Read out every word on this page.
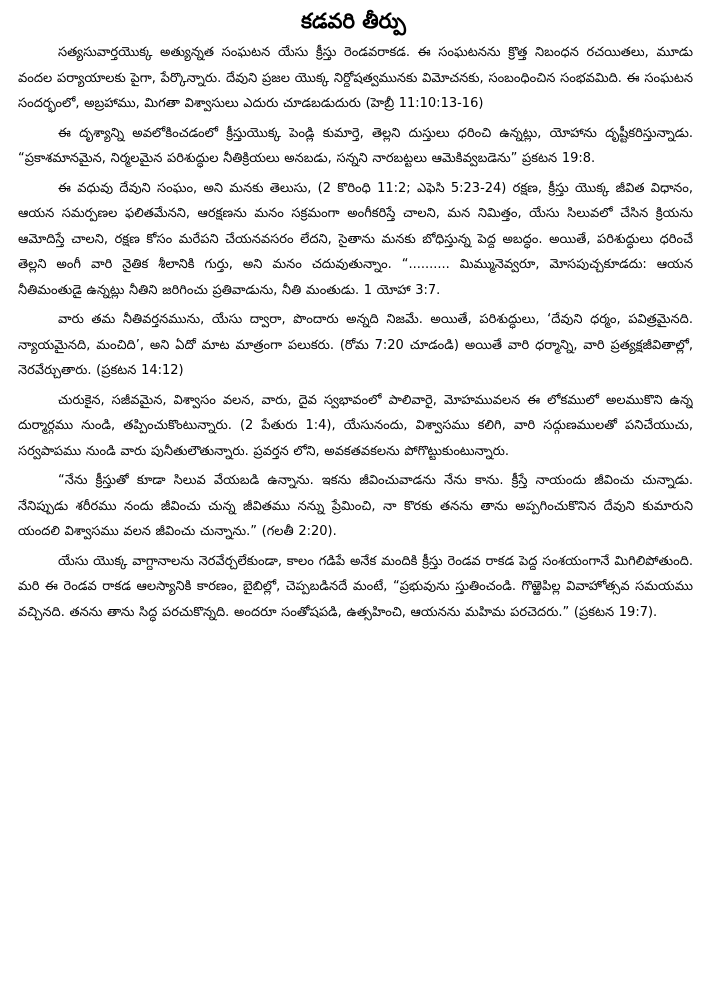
కడవరి తీర్పు

సత్యసువార్తయొక్క అత్యున్నత సంఘటన యేసు క్రీస్తు రెండవరాకడ. ఈ సంఘటనను క్రొత్త నిబంధన రచయితలు, మూడు వందల పర్యాయాలకు పైగా, పేర్కొన్నారు. దేవుని ప్రజల యొక్క నిర్దోషత్వమునకు విమోచనకు, సంబంధించిన సంభవమిది. ఈ సంఘటన సందర్భంలో, అబ్రహాము, మిగతా విశ్వాసులు ఎదురు చూడబడుదురు (హెబ్రీ 11:10:13-16)

ఈ దృశ్యాన్ని అవలోకించడంలో క్రీస్తుయొక్క పెండ్లి కుమార్తె, తెల్లని దుస్తులు ధరించి ఉన్నట్లు, యోహాను దృష్టీకరిస్తున్నాడు. “ప్రకాశమానమైన, నిర్మలమైన పరిశుద్ధుల నీతిక్రియలు అనబడు, సన్నని నారబట్టలు ఆమెకివ్వబడెను” ప్రకటన 19:8.

ఈ వధువు దేవుని సంఘం, అని మనకు తెలుసు, (2 కొరింధి 11:2; ఎఫెసి 5:23-24) రక్షణ, క్రీస్తు యొక్క జీవిత విధానం, ఆయన సమర్పణల ఫలితమేనని, ఆరక్షణను మనం సక్రమంగా అంగీకరిస్తే చాలని, మన నిమిత్తం, యేసు సిలువలో చేసిన క్రియను ఆమోదిస్తే చాలని, రక్షణ కోసం మరేపని చేయనవసరం లేదని, సైతాను మనకు బోధిస్తున్న పెద్ద అబద్ధం. అయితే, పరిశుద్ధులు ధరించే తెల్లని అంగీ వారి నైతిక శీలానికి గుర్తు, అని మనం చదువుతున్నాం. “.......... మిమ్మునెవ్వరూ, మోసపుచ్చకూడదు: ఆయన నీతిమంతుడై ఉన్నట్లు నీతిని జరిగించు ప్రతివాడును, నీతి మంతుడు. 1 యోహా 3:7.

వారు తమ నీతివర్తనమును, యేసు ద్వారా, పొందారు అన్నది నిజమే. అయితే, పరిశుద్ధులు, ‘దేవుని ధర్మం, పవిత్రమైనది. న్యాయమైనది, మంచిది’, అని ఏదో మాట మాత్రంగా పలుకరు. (రోమ 7:20 చూడండి) అయితే వారి ధర్మాన్ని, వారి ప్రత్యక్షజీవితాల్లో, నెరవేర్చుతారు. (ప్రకటన 14:12)

చురుకైన, సజీవమైన, విశ్వాసం వలన, వారు, దైవ స్వభావంలో పాలివారై, మోహమువలన ఈ లోకములో అలముకొని ఉన్న దుర్మార్గము నుండి, తప్పించుకొంటున్నారు. (2 పేతురు 1:4), యేసునందు, విశ్వాసము కలిగి, వారి సద్గుణములతో పనిచేయుచు, సర్వపాపము నుండి వారు పునీతులౌతున్నారు. ప్రవర్తన లోని, అవకతవకలను పోగొట్టుకుంటున్నారు.

“నేను క్రీస్తుతో కూడా సిలువ వేయబడి ఉన్నాను. ఇకను జీవించువాడను నేను కాను. క్రీస్తే నాయందు జీవించు చున్నాడు. నేనిప్పుడు శరీరము నందు జీవించు చున్న జీవితము నన్ను ప్రేమించి, నా కొరకు తనను తాను అప్పగించుకొనిన దేవుని కుమారుని యందలి విశ్వాసము వలన జీవించు చున్నాను.” (గలతీ 2:20).

యేసు యొక్క వాగ్దానాలను నెరవేర్చలేకుండా, కాలం గడిపే అనేక మందికి క్రీస్తు రెండవ రాకడ పెద్ద సంశయంగానే మిగిలిపోతుంది. మరి ఈ రెండవ రాకడ ఆలస్యానికి కారణం, బైబిల్లో, చెప్పబడినదే మంటే, “ప్రభువును స్తుతించండి. గొఱ్ఱెపిల్ల వివాహోత్సవ సమయము వచ్చినది. తనను తాను సిద్ధ పరచుకొన్నది. అందరూ సంతోషపడి, ఉత్సహించి, ఆయనను మహిమ పరచెదరు.” (ప్రకటన 19:7).
